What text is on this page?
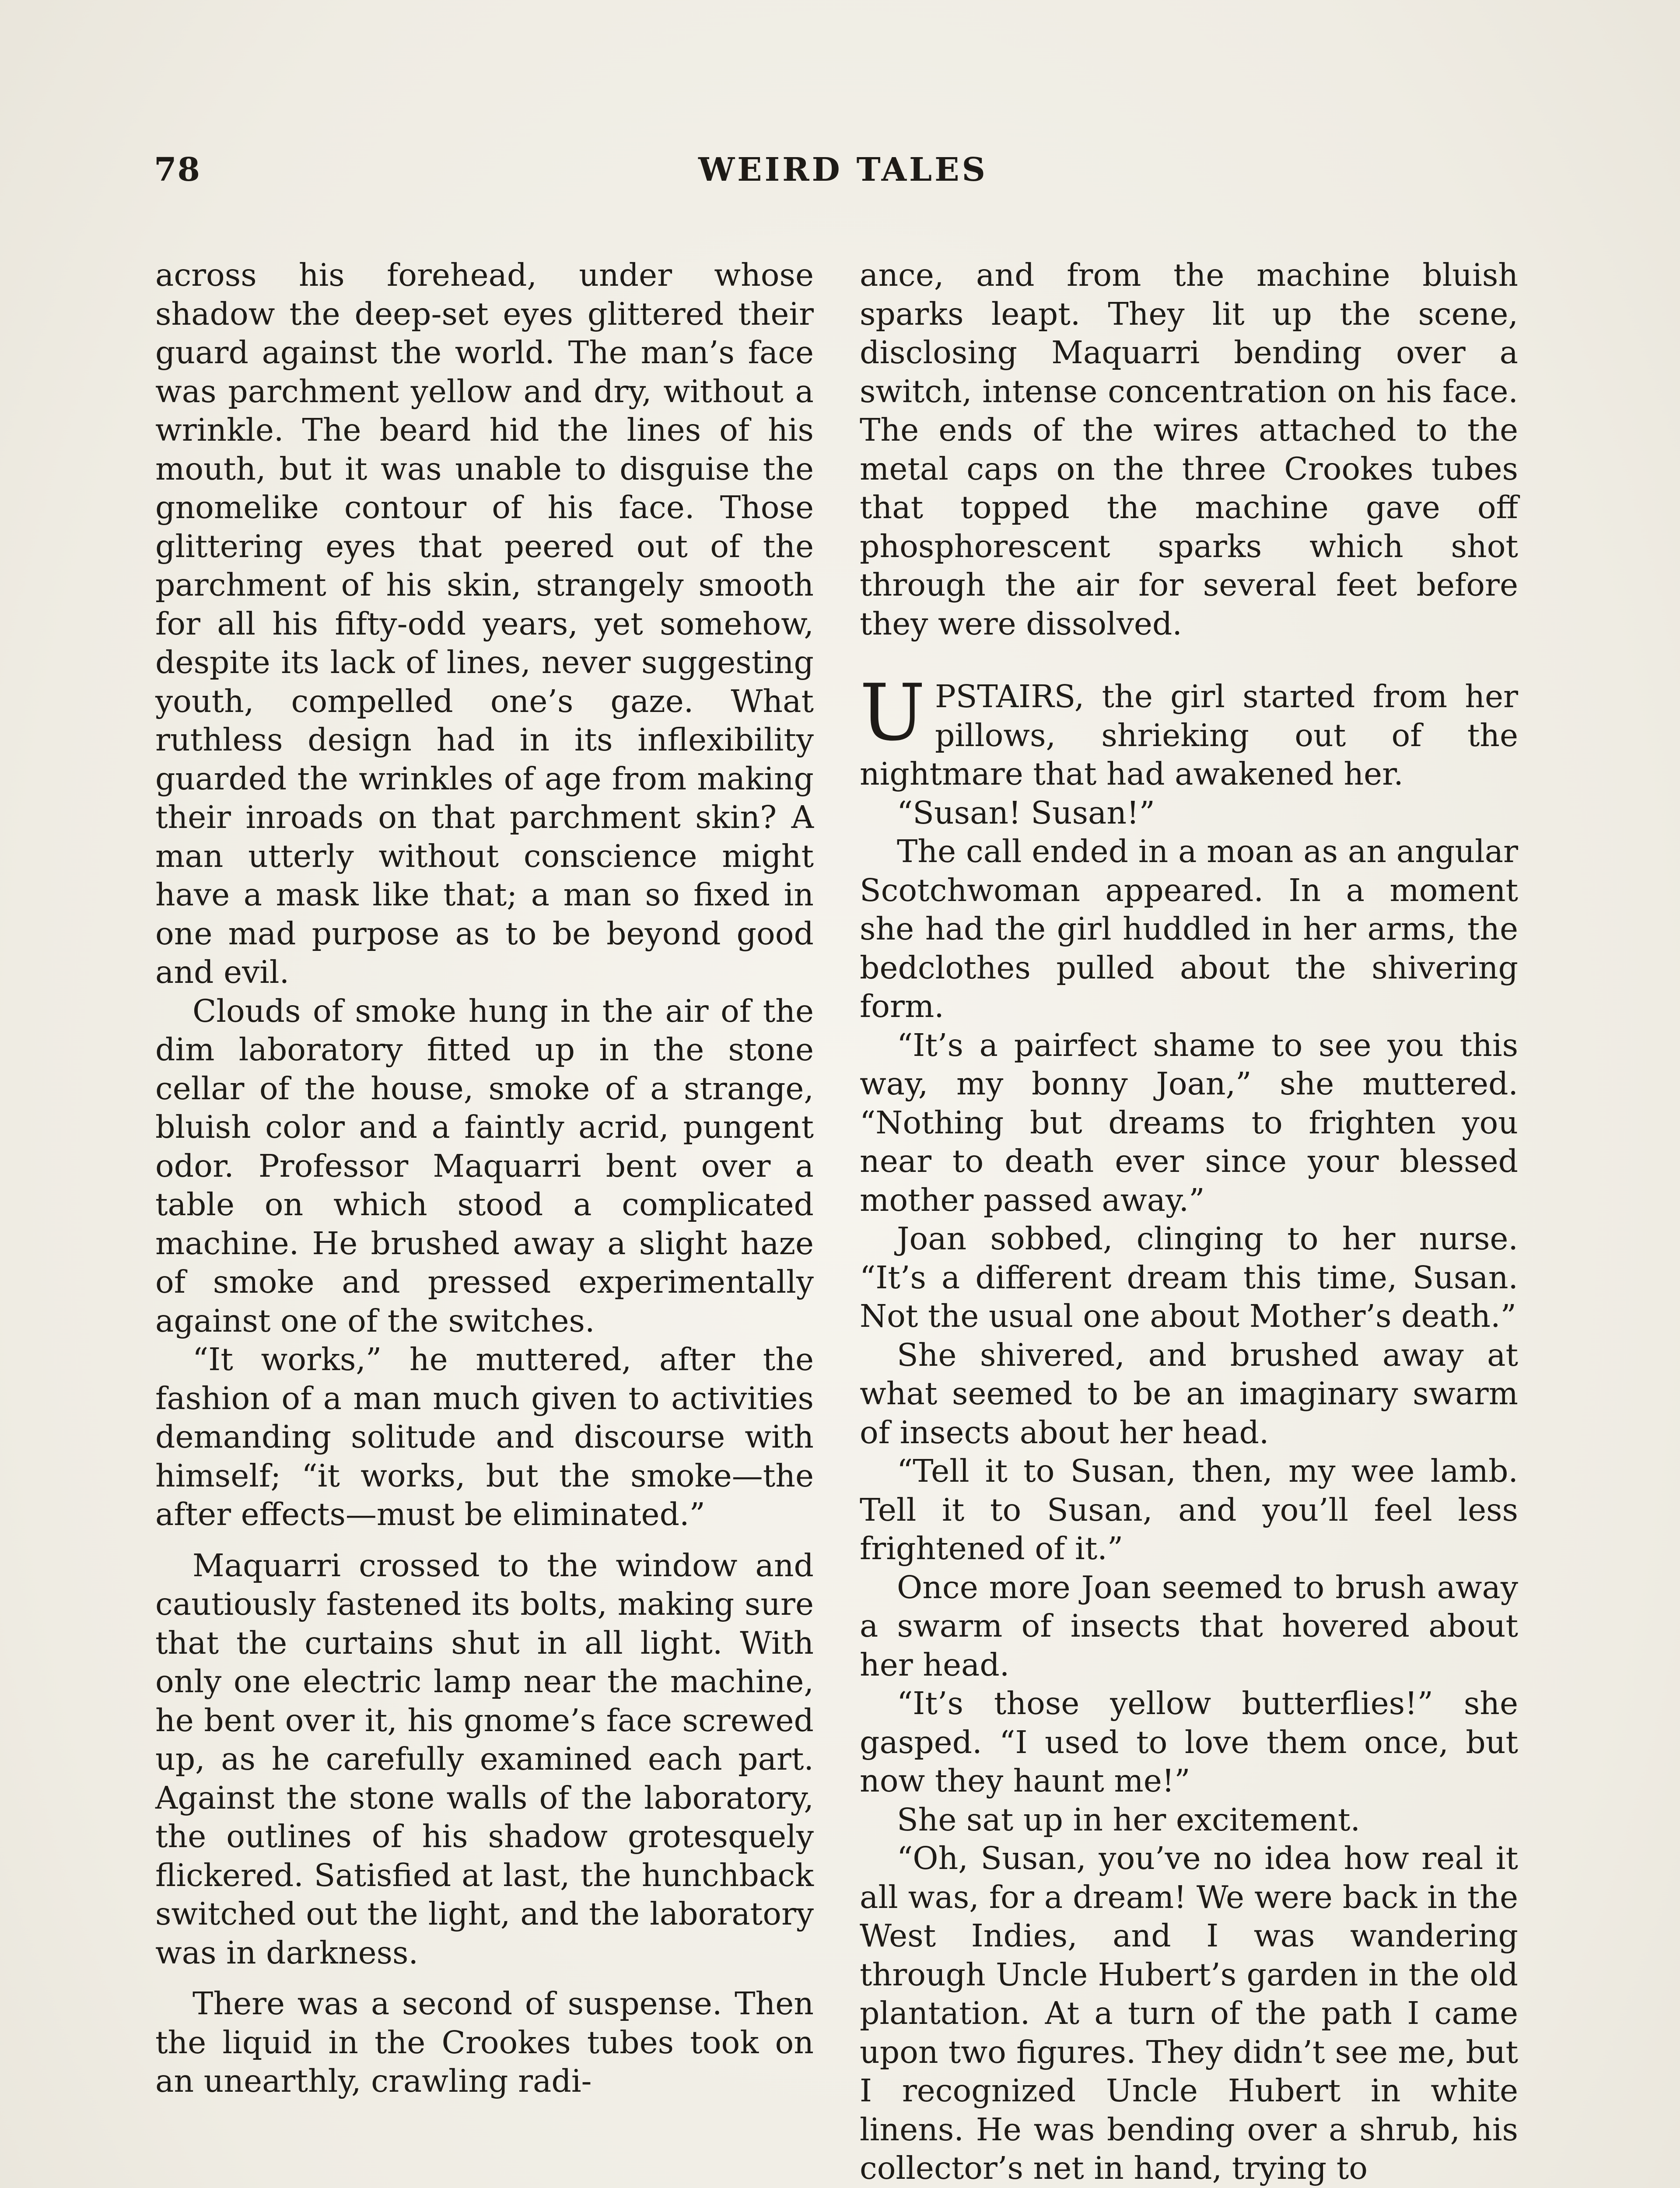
78	WEIRD TALES

across his forehead, under whose shadow the deep-set eyes glittered their guard against the world. The man’s face was parchment yellow and dry, without a wrinkle. The beard hid the lines of his mouth, but it was unable to disguise the gnomelike contour of his face. Those glittering eyes that peered out of the parchment of his skin, strangely smooth for all his fifty-odd years, yet somehow, despite its lack of lines, never suggesting youth, compelled one’s gaze. What ruthless design had in its inflexibility guarded the wrinkles of age from making their inroads on that parchment skin? A man utterly without conscience might have a mask like that; a man so fixed in one mad purpose as to be beyond good and evil.

Clouds of smoke hung in the air of the dim laboratory fitted up in the stone cellar of the house, smoke of a strange, bluish color and a faintly acrid, pungent odor. Professor Maquarri bent over a table on which stood a complicated machine. He brushed away a slight haze of smoke and pressed experimentally against one of the switches.

“It works,” he muttered, after the fashion of a man much given to activities demanding solitude and discourse with himself; “it works, but the smoke—the after effects—must be eliminated.”

Maquarri crossed to the window and cautiously fastened its bolts, making sure that the curtains shut in all light. With only one electric lamp near the machine, he bent over it, his gnome’s face screwed up, as he carefully examined each part. Against the stone walls of the laboratory, the outlines of his shadow grotesquely flickered. Satisfied at last, the hunchback switched out the light, and the laboratory was in darkness.

There was a second of suspense. Then the liquid in the Crookes tubes took on an unearthly, crawling radi-

ance, and from the machine bluish sparks leapt. They lit up the scene, disclosing Maquarri bending over a switch, intense concentration on his face. The ends of the wires attached to the metal caps on the three Crookes tubes that topped the machine gave off phosphorescent sparks which shot through the air for several feet before they were dissolved.

UPSTAIRS, the girl started from her pillows, shrieking out of the nightmare that had awakened her.

“Susan! Susan!”

The call ended in a moan as an angular Scotchwoman appeared. In a moment she had the girl huddled in her arms, the bedclothes pulled about the shivering form.

“It’s a pairfect shame to see you this way, my bonny Joan,” she muttered. “Nothing but dreams to frighten you near to death ever since your blessed mother passed away.”

Joan sobbed, clinging to her nurse. “It’s a different dream this time, Susan. Not the usual one about Mother’s death.”

She shivered, and brushed away at what seemed to be an imaginary swarm of insects about her head.

“Tell it to Susan, then, my wee lamb. Tell it to Susan, and you’ll feel less frightened of it.”

Once more Joan seemed to brush away a swarm of insects that hovered about her head.

“It’s those yellow butterflies!” she gasped. “I used to love them once, but now they haunt me!”

She sat up in her excitement.

“Oh, Susan, you’ve no idea how real it all was, for a dream! We were back in the West Indies, and I was wandering through Uncle Hubert’s garden in the old plantation. At a turn of the path I came upon two figures. They didn’t see me, but I recognized Uncle Hubert in white linens. He was bending over a shrub, his collector’s net in hand, trying to
